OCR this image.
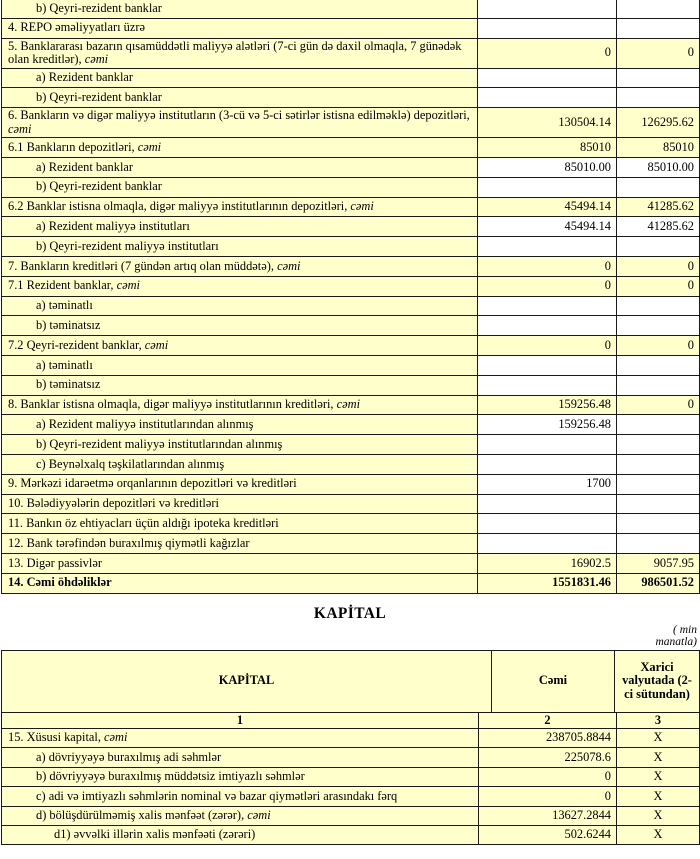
b) Qeyri-rezident banklar		
4. REPO əməliyyatları üzrə		
5. Banklararası bazarın qısamüddətli maliyyə alətləri (7-ci gün də daxil olmaqla, 7 günədək olan kreditlər), cəmi	0	0
a) Rezident banklar		
b) Qeyri-rezident banklar		
6. Bankların və digər maliyyə institutların (3-cü və 5-ci sətirlər istisna edilməklə) depozitləri, cəmi	130504.14	126295.62
6.1 Bankların depozitləri, cəmi	85010	85010
a) Rezident banklar	85010.00	85010.00
b) Qeyri-rezident banklar		
6.2 Banklar istisna olmaqla, digər maliyyə institutlarının depozitləri, cəmi	45494.14	41285.62
a) Rezident maliyyə institutları	45494.14	41285.62
b) Qeyri-rezident maliyyə institutları		
7. Bankların kreditləri (7 gündən artıq olan müddətə), cəmi	0	0
7.1 Rezident banklar, cəmi	0	0
a) təminatlı		
b) təminatsız		
7.2 Qeyri-rezident banklar, cəmi	0	0
a) təminatlı		
b) təminatsız		
8. Banklar istisna olmaqla, digər maliyyə institutlarının kreditləri, cəmi	159256.48	0
a) Rezident maliyyə institutlarından alınmış	159256.48	
b) Qeyri-rezident maliyyə institutlarından alınmış		
c) Beynəlxalq təşkilatlarından alınmış		
9. Mərkəzi idarəetmə orqanlarının depozitləri və kreditləri	1700	
10. Bələdiyyələrin depozitləri və kreditləri		
11. Bankın öz ehtiyacları üçün aldığı ipoteka kreditləri		
12. Bank tərəfindən buraxılmış qiymətli kağızlar		
13. Digər passivlər	16902.5	9057.95
14. Cəmi öhdəliklər	1551831.46	986501.52
KAPİTAL
( min
manatla)
KAPİTAL	Cəmi	Xarici valyutada (2-ci sütundan)
1	2	3
15. Xüsusi kapital, cəmi	238705.8844	X
a) dövriyyəyə buraxılmış adi səhmlər	225078.6	X
b) dövriyyəyə buraxılmış müddətsiz imtiyazlı səhmlər	0	X
c) adi və imtiyazlı səhmlərin nominal və bazar qiymətləri arasındakı fərq	0	X
d) bölüşdürülməmiş xalis mənfəət (zərər), cəmi	13627.2844	X
d1) əvvəlki illərin xalis mənfəəti (zərəri)	502.6244	X
